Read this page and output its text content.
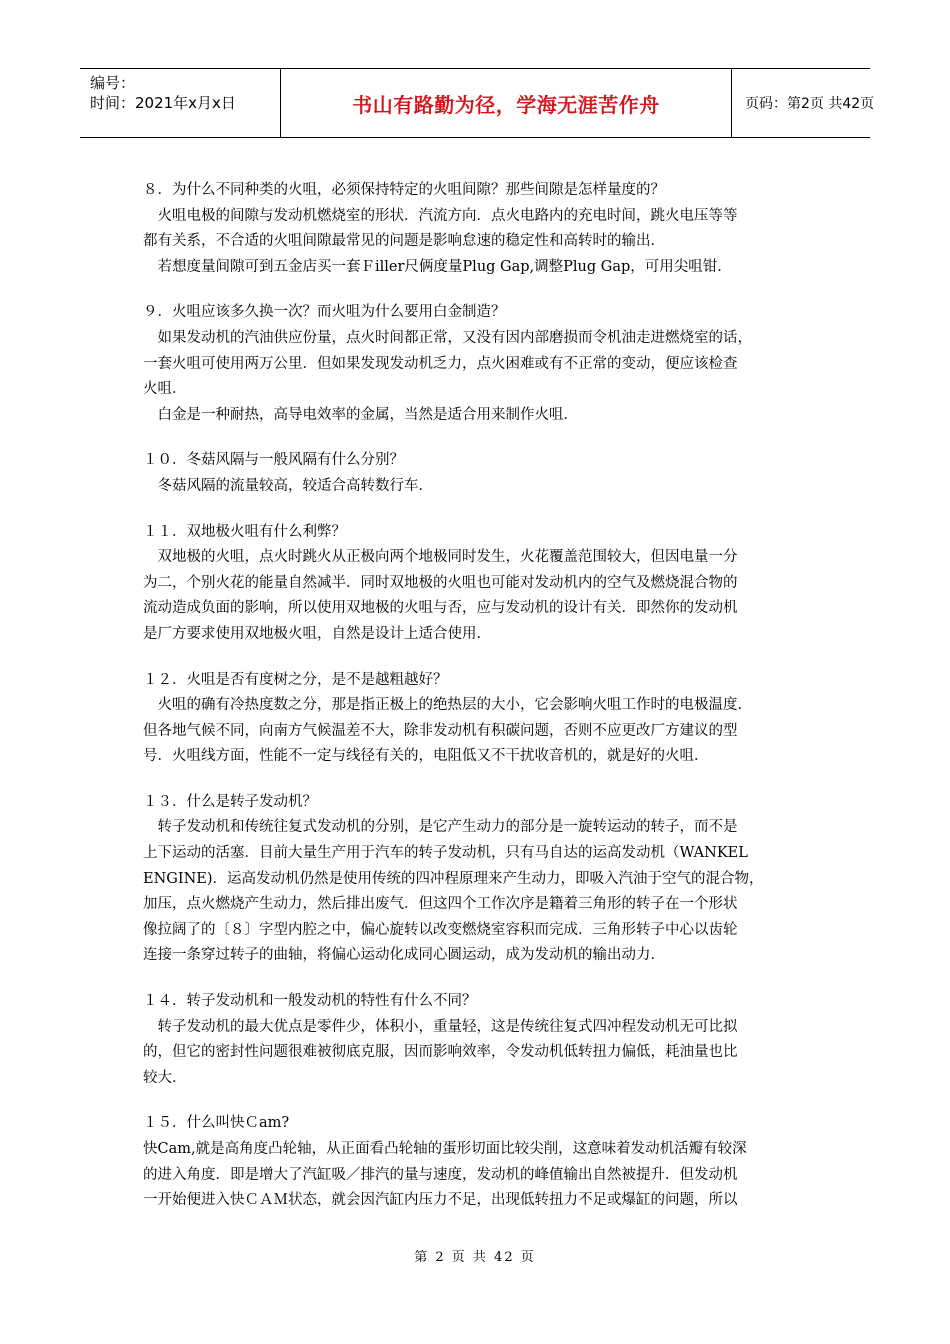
编号：
时间：2021年x月x日	书山有路勤为径，学海无涯苦作舟	页码：第2页 共42页
８．为什么不同种类的火咀，必须保持特定的火咀间隙？那些间隙是怎样量度的？
　火咀电极的间隙与发动机燃烧室的形状．汽流方向．点火电路内的充电时间，跳火电压等等
都有关系，不合适的火咀间隙最常见的问题是影响怠速的稳定性和高转时的输出．
　若想度量间隙可到五金店买一套Ｆiller尺俩度量Plug Gap,调整Plug Gap，可用尖咀钳．
９．火咀应该多久换一次？而火咀为什么要用白金制造？
　如果发动机的汽油供应份量，点火时间都正常，又没有因内部磨损而令机油走进燃烧室的话，
一套火咀可使用两万公里．但如果发现发动机乏力，点火困难或有不正常的变动，便应该检查
火咀．
　白金是一种耐热，高导电效率的金属，当然是适合用来制作火咀．
１０．冬菇风隔与一般风隔有什么分别？
　冬菇风隔的流量较高，较适合高转数行车．
１１．双地极火咀有什么利弊？
　双地极的火咀，点火时跳火从正极向两个地极同时发生，火花覆盖范围较大，但因电量一分
为二，个别火花的能量自然减半．同时双地极的火咀也可能对发动机内的空气及燃烧混合物的
流动造成负面的影响，所以使用双地极的火咀与否，应与发动机的设计有关．即然你的发动机
是厂方要求使用双地极火咀，自然是设计上适合使用．
１２．火咀是否有度树之分，是不是越粗越好？
　火咀的确有冷热度数之分，那是指正极上的绝热层的大小，它会影响火咀工作时的电极温度．
但各地气候不同，向南方气候温差不大，除非发动机有积碳问题，否则不应更改厂方建议的型
号．火咀线方面，性能不一定与线径有关的，电阻低又不干扰收音机的，就是好的火咀．
１３．什么是转子发动机？
　转子发动机和传统往复式发动机的分别，是它产生动力的部分是一旋转运动的转子，而不是
上下运动的活塞．目前大量生产用于汽车的转子发动机，只有马自达的运高发动机（WANKEL
ENGINE)．运高发动机仍然是使用传统的四冲程原理来产生动力，即吸入汽油于空气的混合物，
加压，点火燃烧产生动力，然后排出废气．但这四个工作次序是籍着三角形的转子在一个形状
像拉阔了的〔８〕字型内腔之中，偏心旋转以改变燃烧室容积而完成．三角形转子中心以齿轮
连接一条穿过转子的曲轴，将偏心运动化成同心圆运动，成为发动机的输出动力．
１４．转子发动机和一般发动机的特性有什么不同？
　转子发动机的最大优点是零件少，体积小，重量轻，这是传统往复式四冲程发动机无可比拟
的，但它的密封性问题很难被彻底克服，因而影响效率，令发动机低转扭力偏低，耗油量也比
较大．
１５．什么叫快Ｃam?
快Cam,就是高角度凸轮轴，从正面看凸轮轴的蛋形切面比较尖削，这意味着发动机活瓣有较深
的进入角度．即是增大了汽缸吸／排汽的量与速度，发动机的峰值输出自然被提升．但发动机
一开始便进入快ＣＡＭ状态，就会因汽缸内压力不足，出现低转扭力不足或爆缸的问题，所以
第 2 页 共 42 页
